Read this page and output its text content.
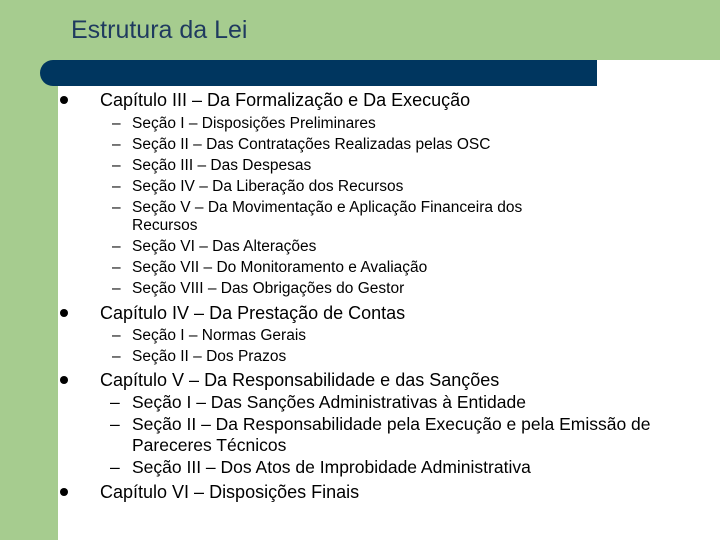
Estrutura da Lei
Capítulo III – Da Formalização e Da Execução
– Seção I – Disposições Preliminares
– Seção II – Das Contratações Realizadas pelas OSC
– Seção III – Das Despesas
– Seção IV – Da Liberação dos Recursos
– Seção V – Da Movimentação e Aplicação Financeira dos Recursos
– Seção VI – Das Alterações
– Seção VII – Do Monitoramento e Avaliação
– Seção VIII – Das Obrigações do Gestor
Capítulo IV – Da Prestação de Contas
– Seção I – Normas Gerais
– Seção II – Dos Prazos
Capítulo V – Da Responsabilidade e das Sanções
– Seção I – Das Sanções Administrativas à Entidade
– Seção II – Da Responsabilidade pela Execução e pela Emissão de Pareceres Técnicos
– Seção III – Dos Atos de Improbidade Administrativa
Capítulo VI – Disposições Finais
